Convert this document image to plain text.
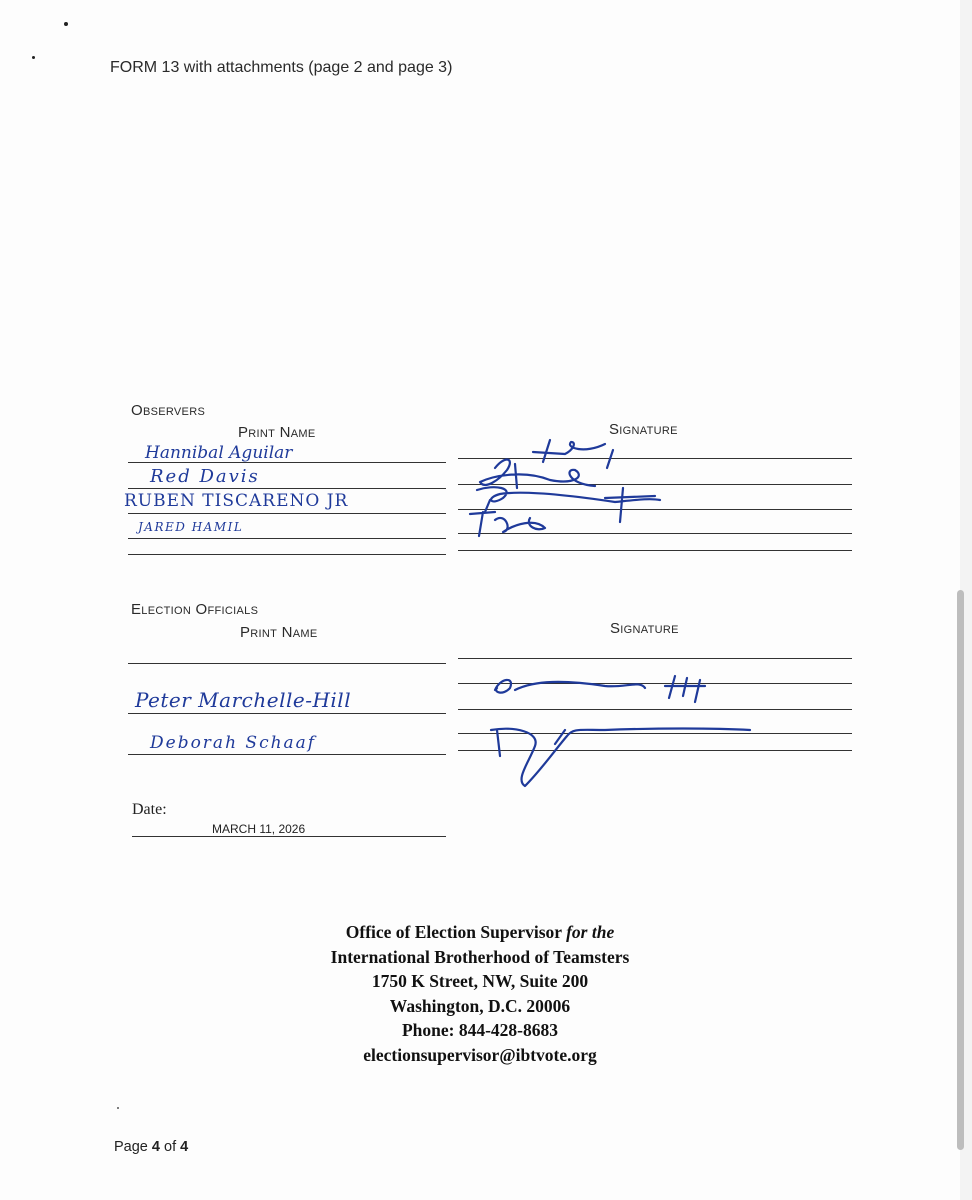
FORM 13 with attachments (page 2 and page 3)
Observers
Print Name	Signature
Hannibal Aguilar
Red Davis
RUBEN TISCARENO JR
JARED HAMIL
Election Officials
Print Name	Signature
Peter Marchelle-Hill
Deborah Schaaf
Date:
MARCH 11, 2026
Office of Election Supervisor for the
International Brotherhood of Teamsters
1750 K Street, NW, Suite 200
Washington, D.C. 20006
Phone: 844-428-8683
electionsupervisor@ibtvote.org
Page 4 of 4
